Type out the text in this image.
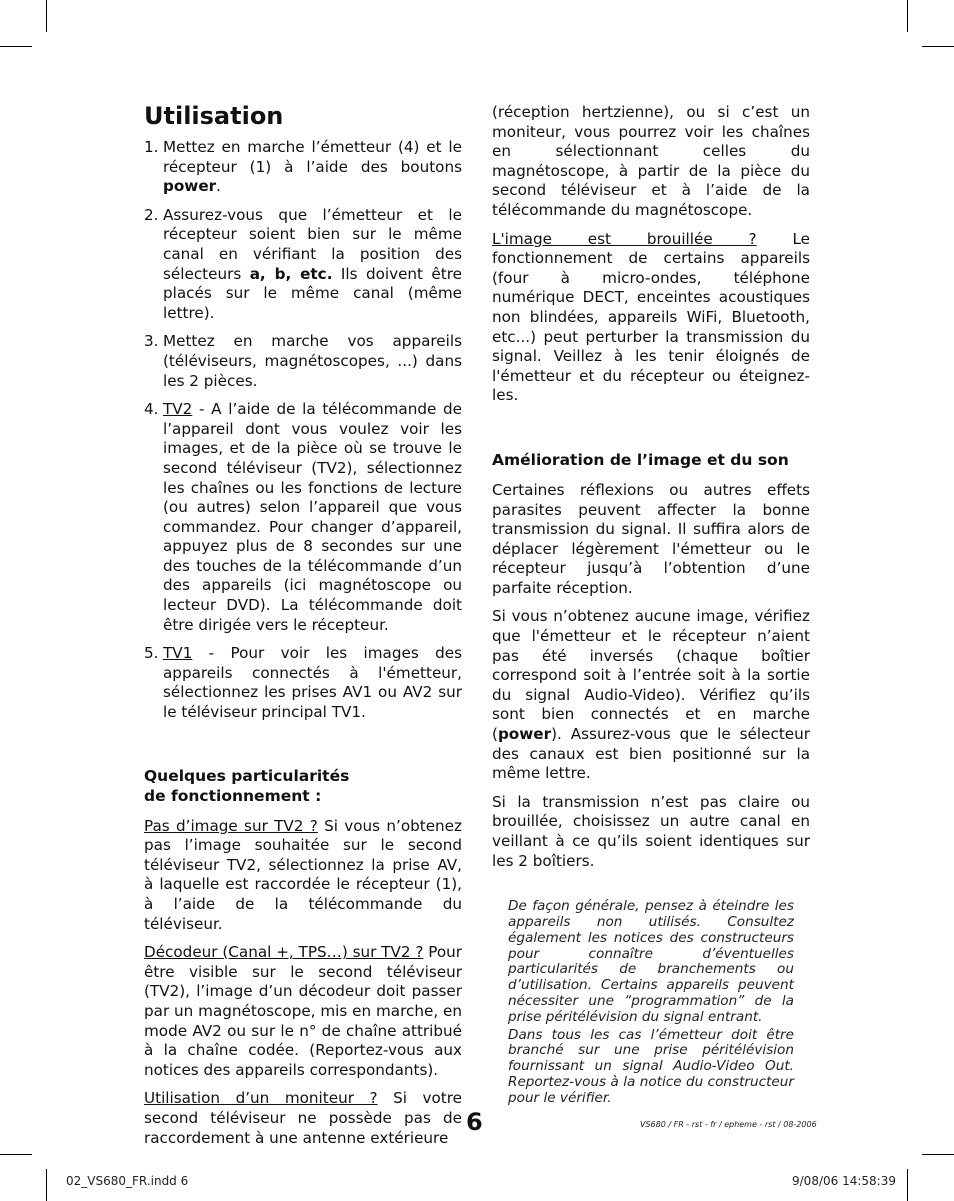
Utilisation
1. Mettez en marche l’émetteur (4) et le récepteur (1) à l’aide des boutons power.
2. Assurez-vous que l’émetteur et le récepteur soient bien sur le même canal en vérifiant la position des sélecteurs a, b, etc. Ils doivent être placés sur le même canal (même lettre).
3. Mettez en marche vos appareils (téléviseurs, magnétoscopes, ...) dans les 2 pièces.
4. TV2 - A l’aide de la télécommande de l’appareil dont vous voulez voir les images, et de la pièce où se trouve le second téléviseur (TV2), sélectionnez les chaînes ou les fonctions de lecture (ou autres) selon l’appareil que vous commandez. Pour changer d’appareil, appuyez plus de 8 secondes sur une des touches de la télécommande d’un des appareils (ici magnétoscope ou lecteur DVD). La télécommande doit être dirigée vers le récepteur.
5. TV1 - Pour voir les images des appareils connectés à l'émetteur, sélectionnez les prises AV1 ou AV2 sur le téléviseur principal TV1.
Quelques particularités
de fonctionnement :

Pas d’image sur TV2 ? Si vous n’obtenez pas l’image souhaitée sur le second téléviseur TV2, sélectionnez la prise AV, à laquelle est raccordée le récepteur (1), à l’aide de la télécommande du téléviseur.

Décodeur (Canal +, TPS…) sur TV2 ? Pour être visible sur le second téléviseur (TV2), l’image d’un décodeur doit passer par un magnétoscope, mis en marche, en mode AV2 ou sur le n° de chaîne attribué à la chaîne codée. (Reportez-vous aux notices des appareils correspondants).

Utilisation d’un moniteur ? Si votre second téléviseur ne possède pas de raccordement à une antenne extérieure

(réception hertzienne), ou si c’est un moniteur, vous pourrez voir les chaînes en sélectionnant celles du magnétoscope, à partir de la pièce du second téléviseur et à l’aide de la télécommande du magnétoscope.

L'image est brouillée ? Le fonctionnement de certains appareils (four à micro-ondes, téléphone numérique DECT, enceintes acoustiques non blindées, appareils WiFi, Bluetooth, etc...) peut perturber la transmission du signal. Veillez à les tenir éloignés de l'émetteur et du récepteur ou éteignez-les.

Amélioration de l’image et du son

Certaines réflexions ou autres effets parasites peuvent affecter la bonne transmission du signal. Il suffira alors de déplacer légèrement l'émetteur ou le récepteur jusqu’à l’obtention d’une parfaite réception.

Si vous n’obtenez aucune image, vérifiez que l'émetteur et le récepteur n’aient pas été inversés (chaque boîtier correspond soit à l’entrée soit à la sortie du signal Audio-Video). Vérifiez qu’ils sont bien connectés et en marche (power). Assurez-vous que le sélecteur des canaux est bien positionné sur la même lettre.

Si la transmission n’est pas claire ou brouillée, choisissez un autre canal en veillant à ce qu’ils soient identiques sur les 2 boîtiers.

De façon générale, pensez à éteindre les appareils non utilisés. Consultez également les notices des constructeurs pour connaître d’éventuelles particularités de branchements ou d’utilisation. Certains appareils peuvent nécessiter une “programmation” de la prise péritélévision du signal entrant.

Dans tous les cas l’émetteur doit être branché sur une prise péritélévision fournissant un signal Audio-Video Out. Reportez-vous à la notice du constructeur pour le vérifier.

6	VS680 / FR - rst - fr / epheme - rst / 08-2006
02_VS680_FR.indd 6	9/08/06 14:58:39
